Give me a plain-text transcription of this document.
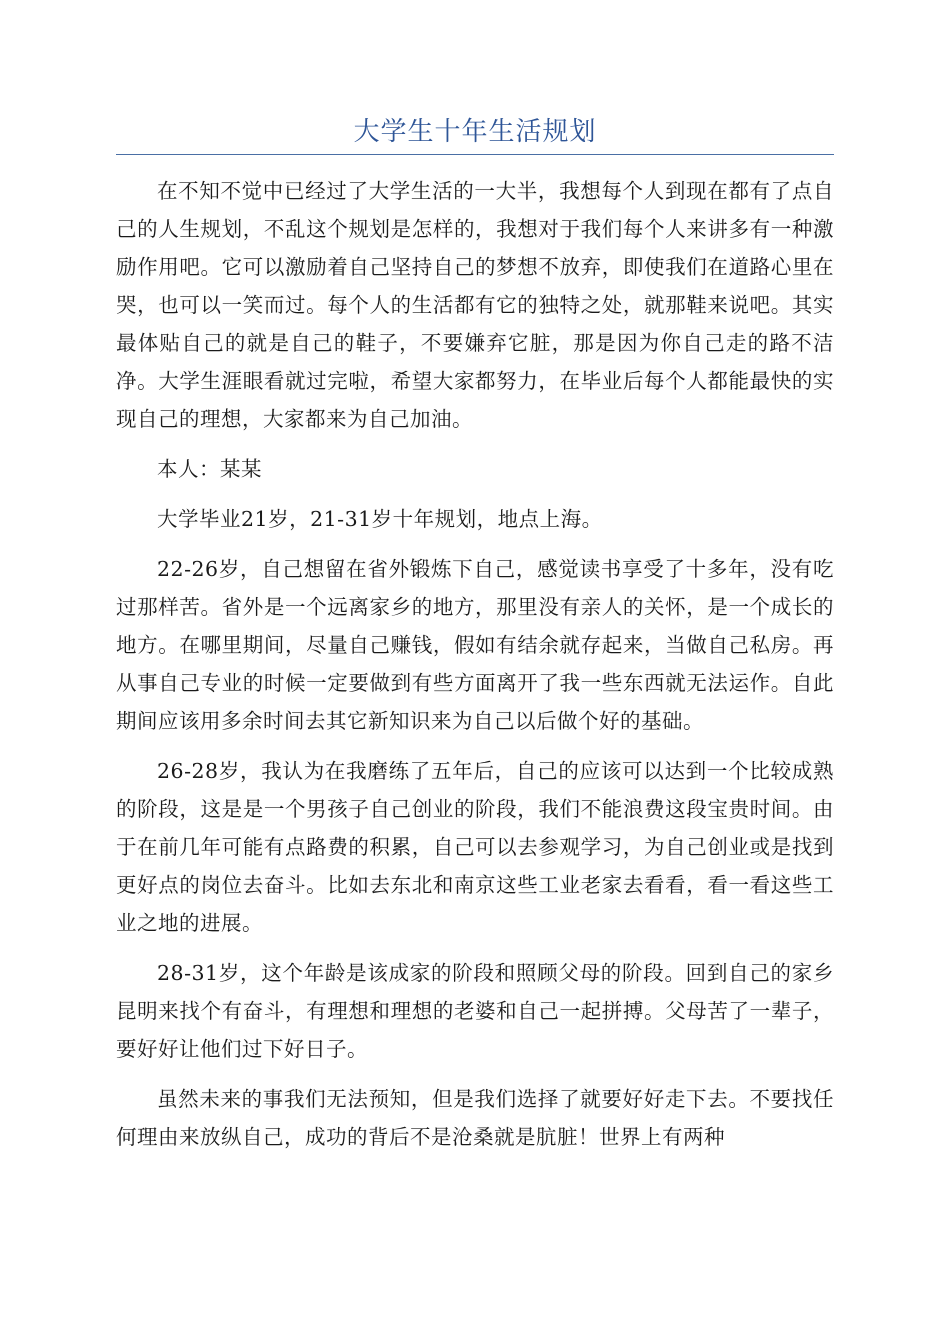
大学生十年生活规划

在不知不觉中已经过了大学生活的一大半，我想每个人到现在都有了点自己的人生规划，不乱这个规划是怎样的，我想对于我们每个人来讲多有一种激励作用吧。它可以激励着自己坚持自己的梦想不放弃，即使我们在道路心里在哭，也可以一笑而过。每个人的生活都有它的独特之处，就那鞋来说吧。其实最体贴自己的就是自己的鞋子，不要嫌弃它脏，那是因为你自己走的路不洁净。大学生涯眼看就过完啦，希望大家都努力，在毕业后每个人都能最快的实现自己的理想，大家都来为自己加油。

本人：某某

大学毕业21岁，21-31岁十年规划，地点上海。

22-26岁，自己想留在省外锻炼下自己，感觉读书享受了十多年，没有吃过那样苦。省外是一个远离家乡的地方，那里没有亲人的关怀，是一个成长的地方。在哪里期间，尽量自己赚钱，假如有结余就存起来，当做自己私房。再从事自己专业的时候一定要做到有些方面离开了我一些东西就无法运作。自此期间应该用多余时间去其它新知识来为自己以后做个好的基础。

26-28岁，我认为在我磨练了五年后，自己的应该可以达到一个比较成熟的阶段，这是是一个男孩子自己创业的阶段，我们不能浪费这段宝贵时间。由于在前几年可能有点路费的积累，自己可以去参观学习，为自己创业或是找到更好点的岗位去奋斗。比如去东北和南京这些工业老家去看看，看一看这些工业之地的进展。

28-31岁，这个年龄是该成家的阶段和照顾父母的阶段。回到自己的家乡昆明来找个有奋斗，有理想和理想的老婆和自己一起拼搏。父母苦了一辈子，要好好让他们过下好日子。

虽然未来的事我们无法预知，但是我们选择了就要好好走下去。不要找任何理由来放纵自己，成功的背后不是沧桑就是肮脏！世界上有两种
